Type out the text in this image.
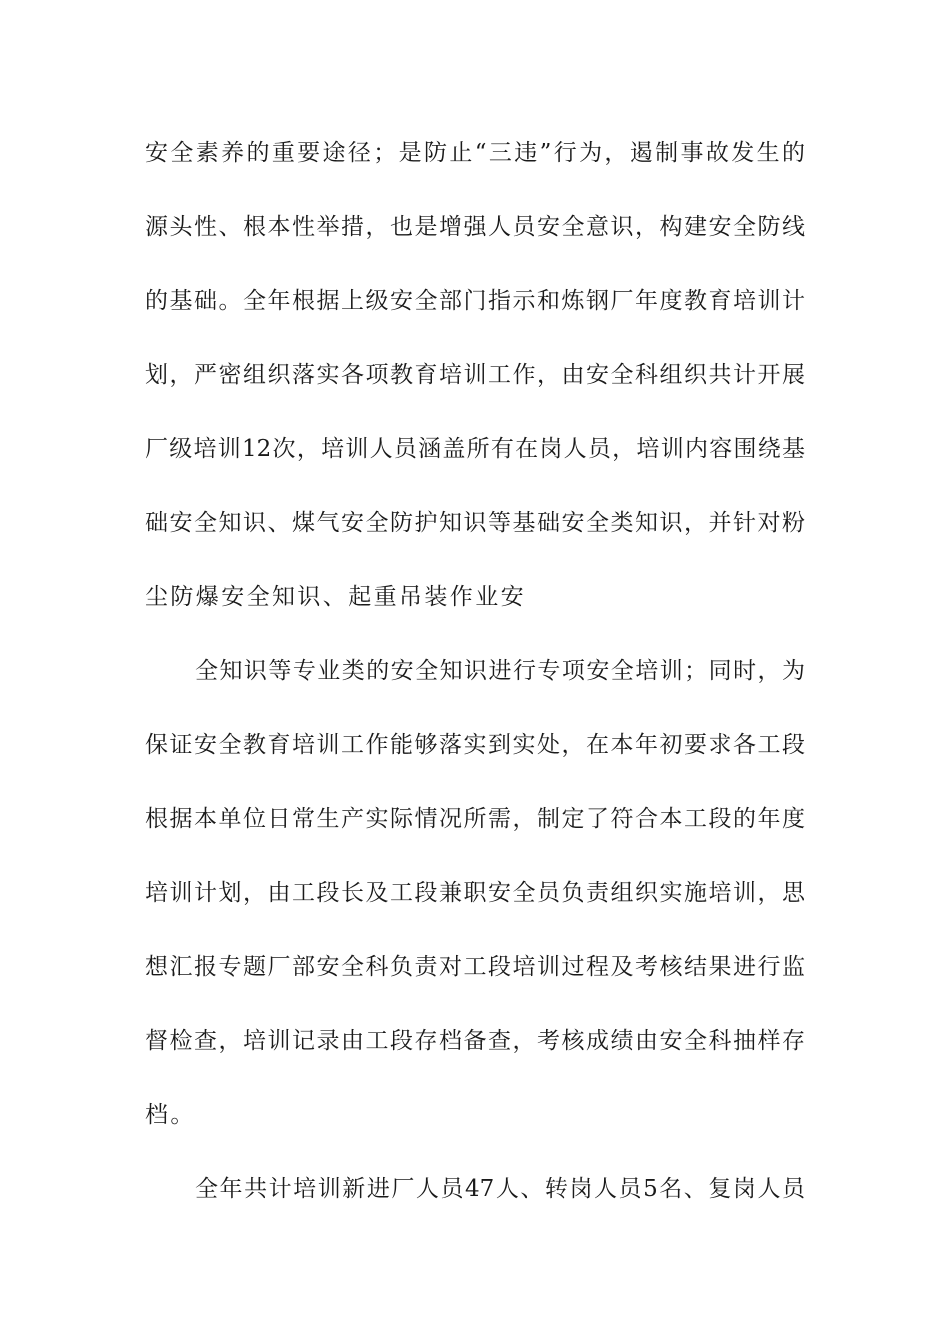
安全素养的重要途径；是防止“三违”行为，遏制事故发生的
源头性、根本性举措，也是增强人员安全意识，构建安全防线
的基础。全年根据上级安全部门指示和炼钢厂年度教育培训计
划，严密组织落实各项教育培训工作，由安全科组织共计开展
厂级培训12次，培训人员涵盖所有在岗人员，培训内容围绕基
础安全知识、煤气安全防护知识等基础安全类知识，并针对粉
尘防爆安全知识、起重吊装作业安
全知识等专业类的安全知识进行专项安全培训；同时，为
保证安全教育培训工作能够落实到实处，在本年初要求各工段
根据本单位日常生产实际情况所需，制定了符合本工段的年度
培训计划，由工段长及工段兼职安全员负责组织实施培训，思
想汇报专题厂部安全科负责对工段培训过程及考核结果进行监
督检查，培训记录由工段存档备查，考核成绩由安全科抽样存
档。
全年共计培训新进厂人员47人、转岗人员5名、复岗人员
